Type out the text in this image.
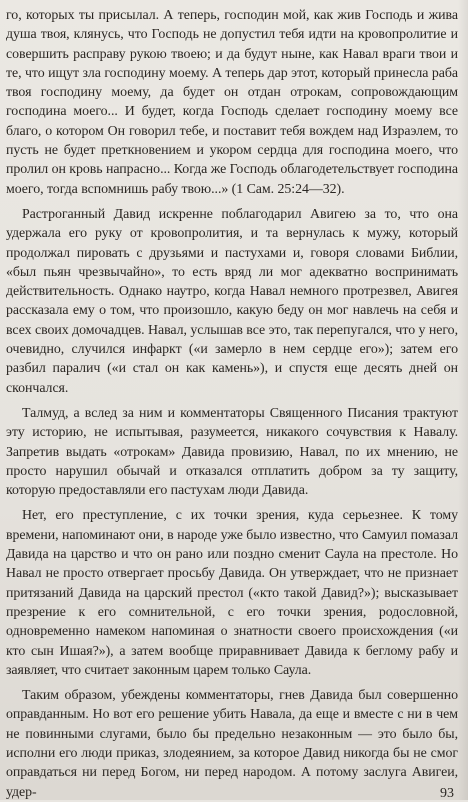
го, которых ты присылал. А теперь, господин мой, как жив Господь и жива душа твоя, клянусь, что Господь не допустил тебя идти на кровопролитие и совершить расправу рукою твоею; и да будут ныне, как Навал враги твои и те, что ищут зла господину моему. А теперь дар этот, который принесла раба твоя господину моему, да будет он отдан отрокам, сопровождающим господина моего... И будет, когда Господь сделает господину моему все благо, о котором Он говорил тебе, и поставит тебя вождем над Израэлем, то пусть не будет преткновением и укором сердца для господина моего, что пролил он кровь напрасно... Когда же Господь облагодетельствует господина моего, тогда вспомнишь рабу твою...» (1 Сам. 25:24—32).

Растроганный Давид искренне поблагодарил Авигею за то, что она удержала его руку от кровопролития, и та вернулась к мужу, который продолжал пировать с друзьями и пастухами и, говоря словами Библии, «был пьян чрезвычайно», то есть вряд ли мог адекватно воспринимать действительность. Однако наутро, когда Навал немного протрезвел, Авигея рассказала ему о том, что произошло, какую беду он мог навлечь на себя и всех своих домочадцев. Навал, услышав все это, так перепугался, что у него, очевидно, случился инфаркт («и замерло в нем сердце его»); затем его разбил паралич («и стал он как камень»), и спустя еще десять дней он скончался.

Талмуд, а вслед за ним и комментаторы Священного Писания трактуют эту историю, не испытывая, разумеется, никакого сочувствия к Навалу. Запретив выдать «отрокам» Давида провизию, Навал, по их мнению, не просто нарушил обычай и отказался отплатить добром за ту защиту, которую предоставляли его пастухам люди Давида.

Нет, его преступление, с их точки зрения, куда серьезнее. К тому времени, напоминают они, в народе уже было известно, что Самуил помазал Давида на царство и что он рано или поздно сменит Саула на престоле. Но Навал не просто отвергает просьбу Давида. Он утверждает, что не признает притязаний Давида на царский престол («кто такой Давид?»); высказывает презрение к его сомнительной, с его точки зрения, родословной, одновременно намеком напоминая о знатности своего происхождения («и кто сын Ишая?»), а затем вообще приравнивает Давида к беглому рабу и заявляет, что считает законным царем только Саула.

Таким образом, убеждены комментаторы, гнев Давида был совершенно оправданным. Но вот его решение убить Навала, да еще и вместе с ни в чем не повинными слугами, было бы предельно незаконным — это было бы, исполни его люди приказ, злодеянием, за которое Давид никогда бы не смог оправдаться ни перед Богом, ни перед народом. А потому заслуга Авигеи, удер-	93
